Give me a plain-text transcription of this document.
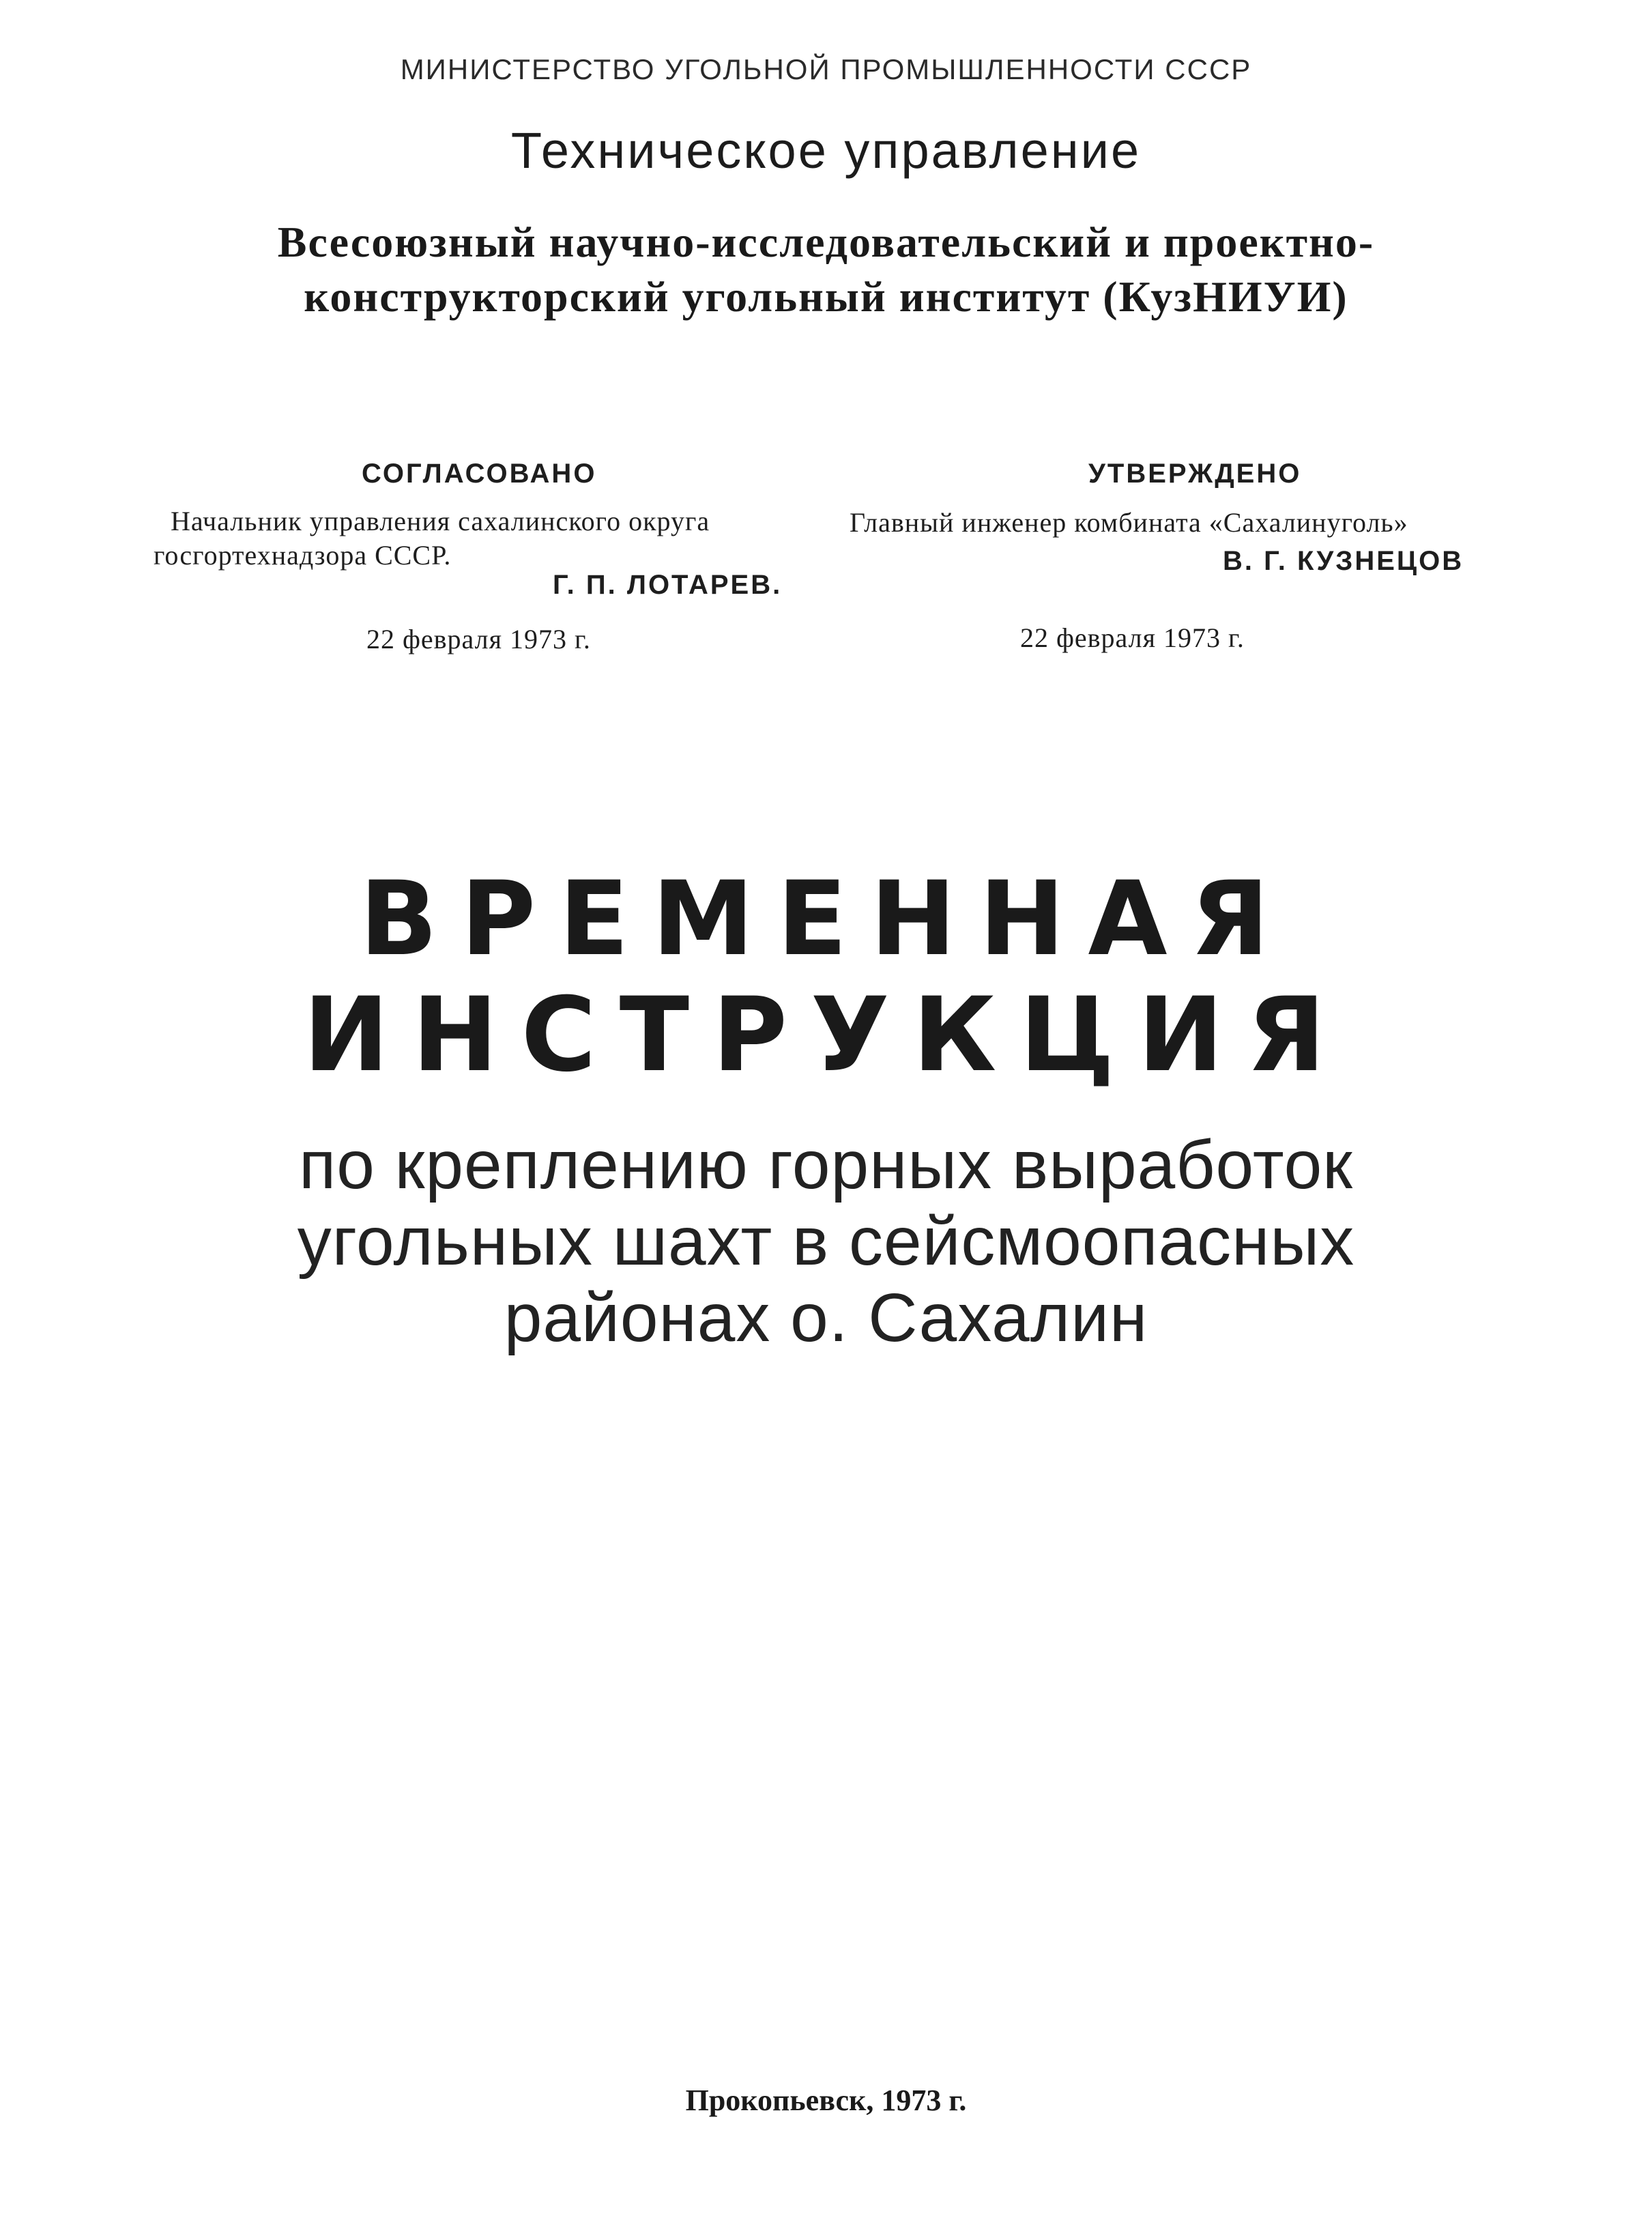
МИНИСТЕРСТВО УГОЛЬНОЙ ПРОМЫШЛЕННОСТИ СССР
Техническое управление
Всесоюзный научно-исследовательский и проектно-
конструкторский угольный институт (КузНИУИ)
СОГЛАСОВАНО
Начальник управления сахалинского округа
госгортехнадзора СССР.
Г. П. ЛОТАРЕВ.
22 февраля 1973 г.
УТВЕРЖДЕНО
Главный инженер комбината «Сахалинуголь»
В. Г. КУЗНЕЦОВ
22 февраля 1973 г.
ВРЕМЕННАЯ
ИНСТРУКЦИЯ
по креплению горных выработок
угольных шахт в сейсмоопасных
районах о. Сахалин
Прокопьевск, 1973 г.
